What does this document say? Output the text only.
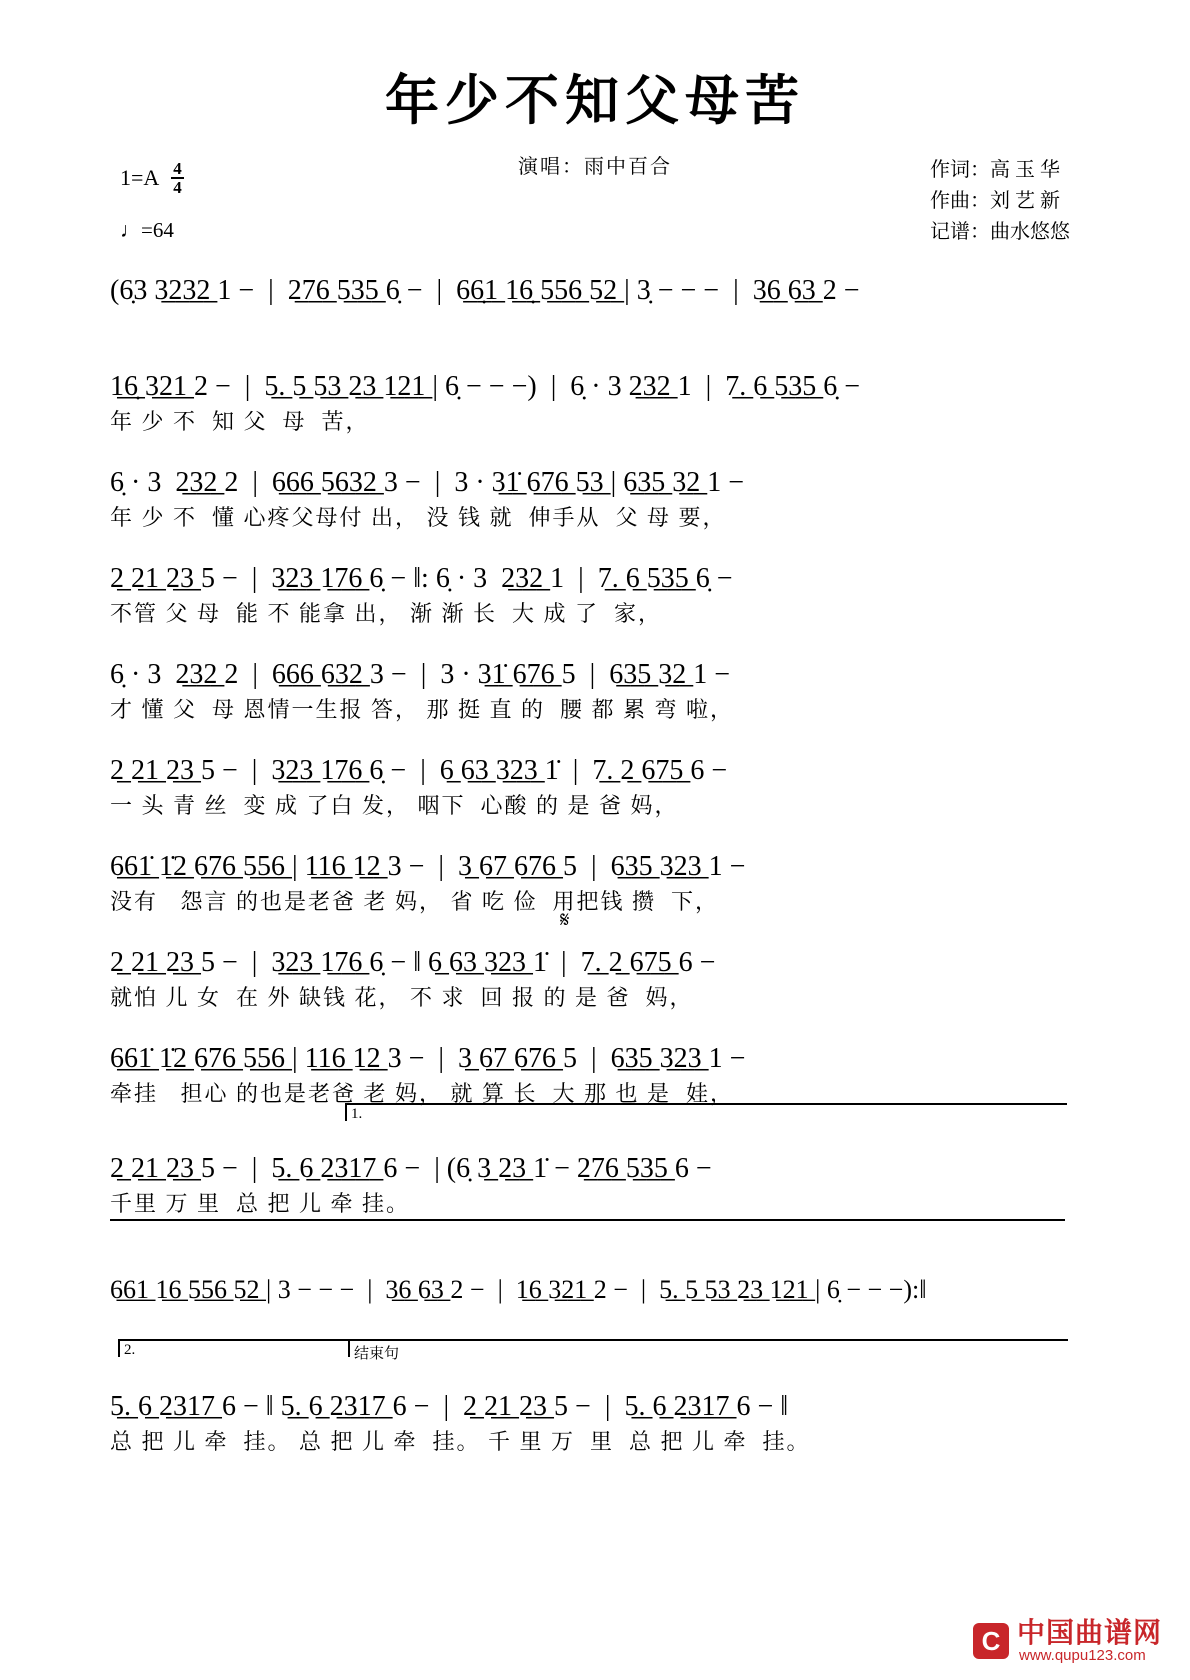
年少不知父母苦
演唱：雨中百合
$1=A \frac{4}{4}$
♩=64
作词：高 玉 华
作曲：刘 艺 新
记谱：曲水悠悠
(6̣3 3̲2̲3̲2̲ 1 −  |  2̲7̲6̲ 5̲3̲5̲ 6̣ −  |  6̲6̣̲1̲ 1̲6̣̲ 5̲5̲6̲ 5̲2̲ | 3̣ − − −  |  3̲6̲ 6̲3̲ 2 −
1̲6̣̲ 3̲2̲1̲ 2 −  |  5̲.̲ 5̲ 5̲3̲ 2̲3̲ 1̲2̲1̲ | 6̣ − − −)  |  6̣ · 3 2̲3̲2̲ 1  |  7̲.̲ 6̲ 5̲3̲5̲ 6̣ −
年 少 不  知 父  母  苦，
6̣ · 3  2̲3̲2̲ 2  |  6̲6̲6̲ 5̲6̲3̲2̲ 3 −  |  3 · 3̲1̲̇ 6̲7̲6̲ 5̲3̲ | 6̲3̲5̲ 3̲2̲ 1 −
年 少 不  懂 心疼父母付 出， 没 钱 就  伸手从  父 母 要，
2̲ 2̲1̲ 2̲3̲ 5 −  |  3̲2̲3̲ 1̲7̲6̲ 6̣ − ‖: 6̣ · 3  2̲3̲2̲ 1  |  7̲.̲ 6̲ 5̲3̲5̲ 6̣ −
不管 父 母  能 不 能拿 出， 渐 渐 长  大 成 了  家，
6̣ · 3  2̲3̲2̲ 2  |  6̲6̲6̲ 6̲3̲2̲ 3 −  |  3 · 3̲1̲̇ 6̲7̲6̲ 5  |  6̲3̲5̲ 3̲2̲ 1 −
才 懂 父  母 恩情一生报 答， 那 挺 直 的  腰 都 累 弯 啦，
2̲ 2̲1̲ 2̲3̲ 5 −  |  3̲2̲3̲ 1̲7̲6̲ 6̣ −  |  6̲ 6̲3̲ 3̲2̲3̲ 1̇  |  7̲.̲ 2̲ 6̲7̲5̲ 6 −
一 头 青 丝  变 成 了白 发， 咽下  心酸 的 是 爸 妈，
6̲6̲1̲̇ 1̲̇2̲ 6̲7̲6̲ 5̲5̲6̲ | 1̲1̲6̲ 1̲2̲ 3 −  |  3̲ 6̲7̲ 6̲7̲6̲ 5  |  6̲3̲5̲ 3̲2̲3̲ 1 −
没有   怨言 的也是老爸 老 妈， 省 吃 俭  用把钱 攒  下，
𝄋
2̲ 2̲1̲ 2̲3̲ 5 −  |  3̲2̲3̲ 1̲7̲6̲ 6̣ − ‖ 6̲ 6̲3̲ 3̲2̲3̲ 1̇  |  7̲.̲ 2̲ 6̲7̲5̲ 6 −
就怕 儿 女  在 外 缺钱 花， 不 求  回 报 的 是 爸  妈，
6̲6̲1̲̇ 1̲̇2̲ 6̲7̲6̲ 5̲5̲6̲ | 1̲1̲6̲ 1̲2̲ 3 −  |  3̲ 6̲7̲ 6̲7̲6̲ 5  |  6̲3̲5̲ 3̲2̲3̲ 1 −
牵挂   担心 的也是老爸 老 妈， 就 算 长  大 那 也 是  娃，
1.
2̲ 2̲1̲ 2̲3̲ 5 −  |  5̲.̲ 6̲ 2̲3̲1̲7̲ 6 −  | (6̣ 3̲ 2̲3̲ 1̇ − 2̲7̲6̲ 5̲3̲5̲ 6 −
千里 万 里  总 把 儿 牵 挂。
6̲6̲1̲ 1̲6̲ 5̲5̲6̲ 5̲2̲ | 3 − − −  |  3̲6̲ 6̲3̲ 2 −  |  1̲6̲ 3̲2̲1̲ 2 −  |  5̲.̲ 5̲ 5̲3̲ 2̲3̲ 1̲2̲1̲ | 6̣ − − −):‖
2.	结束句
5̲.̲ 6̲ 2̲3̲1̲7̲ 6 − ‖ 5̲.̲ 6̲ 2̲3̲1̲7̲ 6 −  |  2̲ 2̲1̲ 2̲3̲ 5 −  |  5̲.̲ 6̲ 2̲3̲1̲7̲ 6 − ‖
总 把 儿 牵  挂。 总 把 儿 牵  挂。 千 里 万  里  总 把 儿 牵  挂。
C 中国曲谱网
www.qupu123.com
